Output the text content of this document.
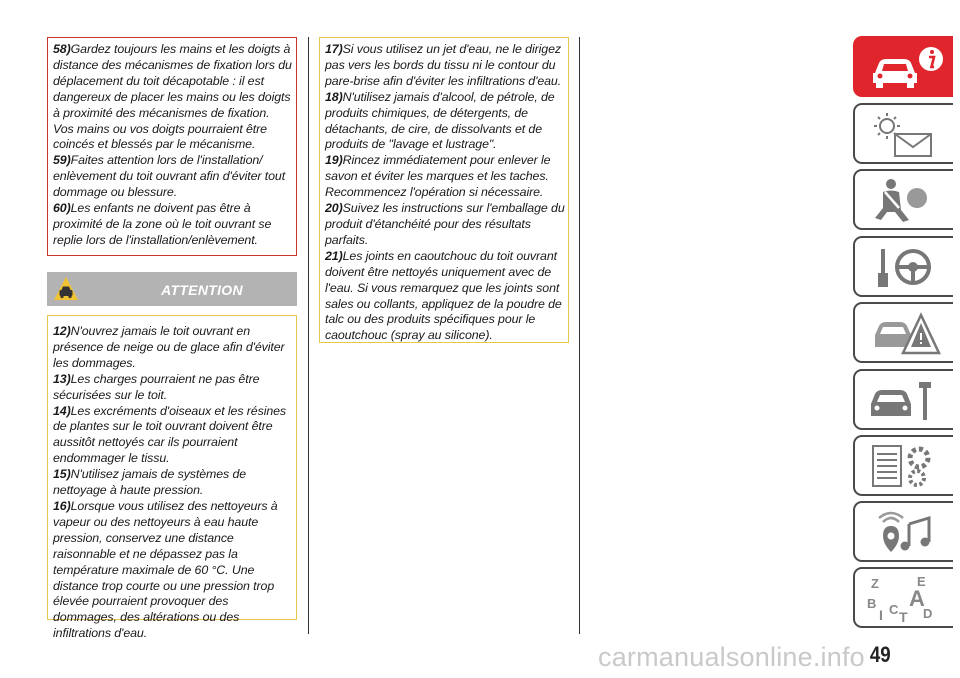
58)Gardez toujours les mains et les doigts à distance des mécanismes de fixation lors du déplacement du toit décapotable : il est dangereux de placer les mains ou les doigts à proximité des mécanismes de fixation. Vos mains ou vos doigts pourraient être coincés et blessés par le mécanisme.

59)Faites attention lors de l'installation/ enlèvement du toit ouvrant afin d'éviter tout dommage ou blessure.

60)Les enfants ne doivent pas être à proximité de la zone où le toit ouvrant se replie lors de l'installation/enlèvement.

ATTENTION

12)N'ouvrez jamais le toit ouvrant en présence de neige ou de glace afin d'éviter les dommages.

13)Les charges pourraient ne pas être sécurisées sur le toit.

14)Les excréments d'oiseaux et les résines de plantes sur le toit ouvrant doivent être aussitôt nettoyés car ils pourraient endommager le tissu.

15)N'utilisez jamais de systèmes de nettoyage à haute pression.

16)Lorsque vous utilisez des nettoyeurs à vapeur ou des nettoyeurs à eau haute pression, conservez une distance raisonnable et ne dépassez pas la température maximale de 60 °C. Une distance trop courte ou une pression trop élevée pourraient provoquer des dommages, des altérations ou des infiltrations d'eau.

17)Si vous utilisez un jet d'eau, ne le dirigez pas vers les bords du tissu ni le contour du pare-brise afin d'éviter les infiltrations d'eau.

18)N'utilisez jamais d'alcool, de pétrole, de produits chimiques, de détergents, de détachants, de cire, de dissolvants et de produits de "lavage et lustrage".

19)Rincez immédiatement pour enlever le savon et éviter les marques et les taches. Recommencez l'opération si nécessaire.

20)Suivez les instructions sur l'emballage du produit d'étanchéité pour des résultats parfaits.

21)Les joints en caoutchouc du toit ouvrant doivent être nettoyés uniquement avec de l'eau. Si vous remarquez que les joints sont sales ou collants, appliquez de la poudre de talc ou des produits spécifiques pour le caoutchouc (spray au silicone).

Z	E
B A
I C T D
carmanualsonline.info 49
